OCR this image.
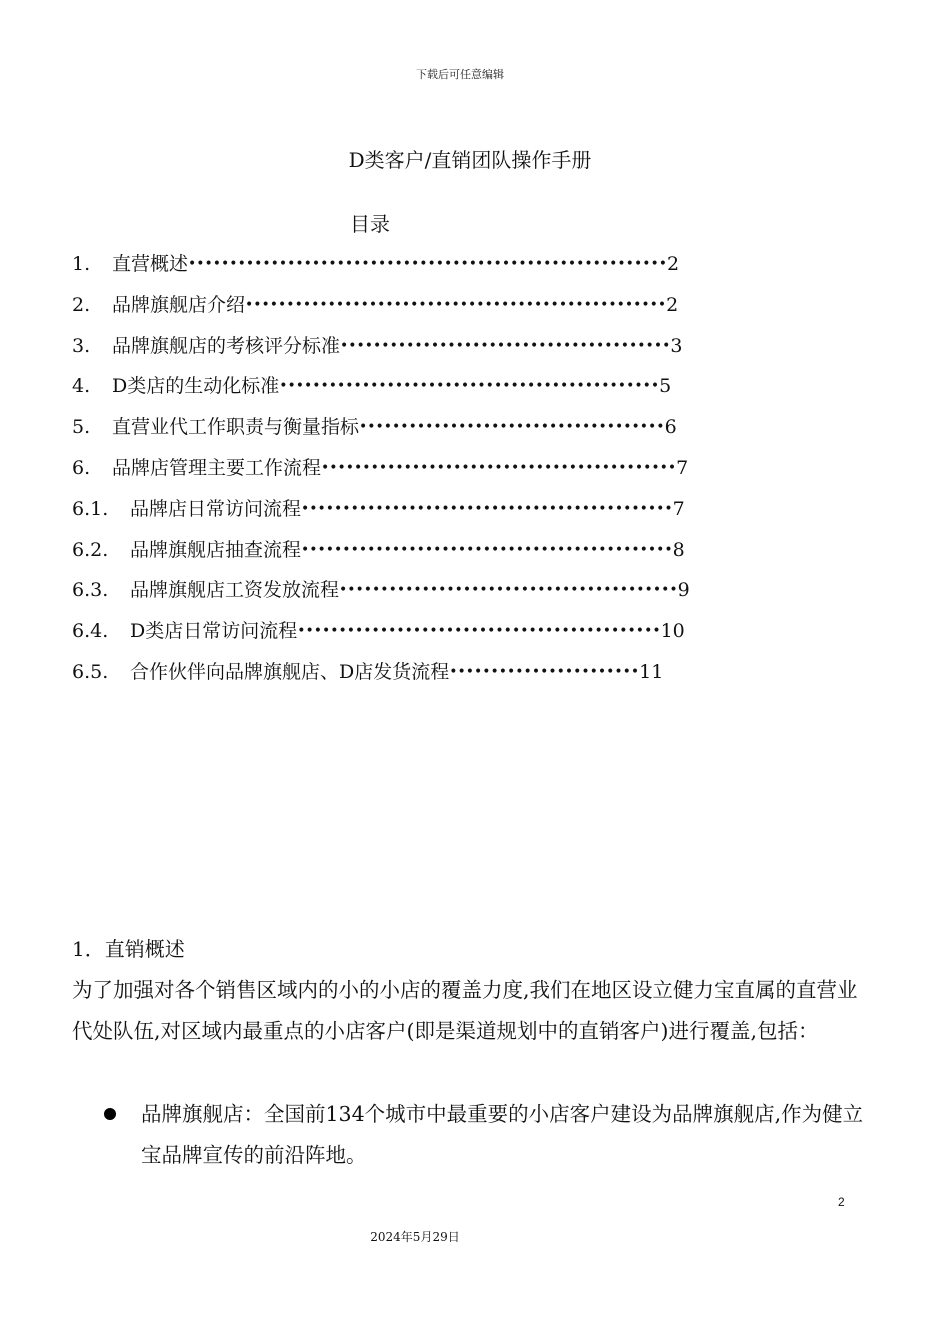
下载后可任意编辑
D类客户/直销团队操作手册
目录
1. 直营概述••••••••••••••••••••••••••••••••••••••••••••••••••••••••••2
2. 品牌旗舰店介绍•••••••••••••••••••••••••••••••••••••••••••••••••••2
3. 品牌旗舰店的考核评分标准••••••••••••••••••••••••••••••••••••••••3
4. D类店的生动化标准••••••••••••••••••••••••••••••••••••••••••••••5
5. 直营业代工作职责与衡量指标•••••••••••••••••••••••••••••••••••••6
6. 品牌店管理主要工作流程•••••••••••••••••••••••••••••••••••••••••••7
6.1. 品牌店日常访问流程•••••••••••••••••••••••••••••••••••••••••••••7
6.2. 品牌旗舰店抽查流程•••••••••••••••••••••••••••••••••••••••••••••8
6.3. 品牌旗舰店工资发放流程•••••••••••••••••••••••••••••••••••••••••9
6.4. D类店日常访问流程••••••••••••••••••••••••••••••••••••••••••••10
6.5. 合作伙伴向品牌旗舰店、D店发货流程•••••••••••••••••••••••11
1．直销概述

为了加强对各个销售区域内的小的小店的覆盖力度,我们在地区设立健力宝直属的直营业代处队伍,对区域内最重点的小店客户(即是渠道规划中的直销客户)进行覆盖,包括：

品牌旗舰店：全国前134个城市中最重要的小店客户建设为品牌旗舰店,作为健立宝品牌宣传的前沿阵地。
2
2024年5月29日
